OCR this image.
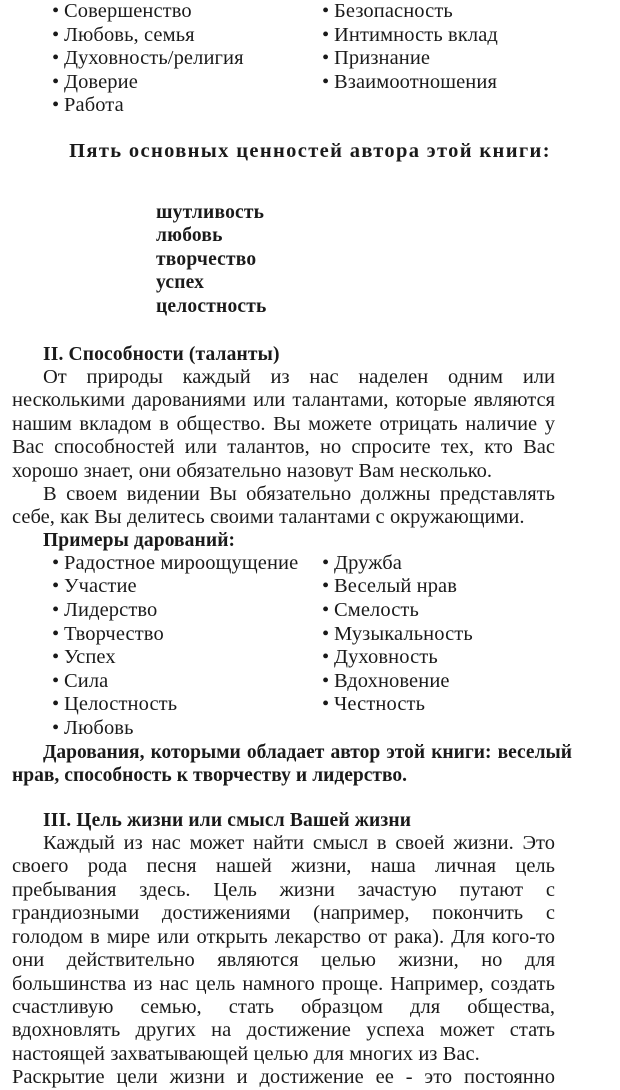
• Совершенство
• Любовь, семья
• Духовность/религия
• Доверие
• Работа
• Безопасность
• Интимность вклад
• Признание
• Взаимоотношения
Пять основных ценностей автора этой книги:
шутливость
любовь
творчество
успех
целостность
II. Способности (таланты)

От природы каждый из нас наделен одним или несколькими дарованиями или талантами, которые являются нашим вкладом в общество. Вы можете отрицать наличие у Вас способностей или талантов, но спросите тех, кто Вас хорошо знает, они обязательно назовут Вам несколько.

В своем видении Вы обязательно должны представлять себе, как Вы делитесь своими талантами с окружающими.

Примеры дарований:
• Радостное мироощущение
• Участие
• Лидерство
• Творчество
• Успех
• Сила
• Целостность
• Любовь
• Дружба
• Веселый нрав
• Смелость
• Музыкальность
• Духовность
• Вдохновение
• Честность

Дарования, которыми обладает автор этой книги: веселый нрав, способность к творчеству и лидерство.

III. Цель жизни или смысл Вашей жизни

Каждый из нас может найти смысл в своей жизни. Это своего рода песня нашей жизни, наша личная цель пребывания здесь. Цель жизни зачастую путают с грандиозными достижениями (например, покончить с голодом в мире или открыть лекарство от рака). Для кого-то они действительно являются целью жизни, но для большинства из нас цель намного проще. Например, создать счастливую семью, стать образцом для общества, вдохновлять других на достижение успеха может стать настоящей захватывающей целью для многих из Вас.

Раскрытие цели жизни и достижение ее - это постоянно
